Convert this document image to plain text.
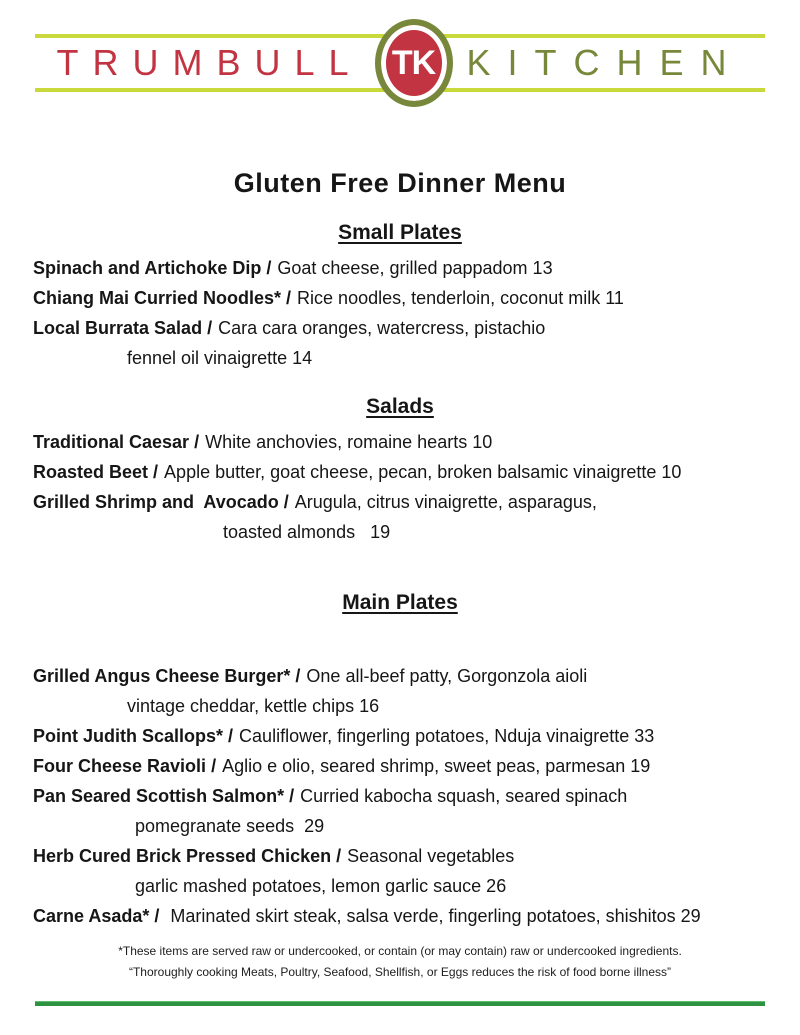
TRUMBULL TK KITCHEN
Gluten Free Dinner Menu
Small Plates
Spinach and Artichoke Dip / Goat cheese, grilled pappadom 13
Chiang Mai Curried Noodles* / Rice noodles, tenderloin, coconut milk 11
Local Burrata Salad / Cara cara oranges, watercress, pistachio
fennel oil vinaigrette 14
Salads
Traditional Caesar / White anchovies, romaine hearts 10
Roasted Beet / Apple butter, goat cheese, pecan, broken balsamic vinaigrette 10
Grilled Shrimp and  Avocado / Arugula, citrus vinaigrette, asparagus,
toasted almonds   19
Main Plates
Grilled Angus Cheese Burger* / One all-beef patty, Gorgonzola aioli
vintage cheddar, kettle chips 16
Point Judith Scallops* / Cauliflower, fingerling potatoes, Nduja vinaigrette 33
Four Cheese Ravioli / Aglio e olio, seared shrimp, sweet peas, parmesan 19
Pan Seared Scottish Salmon* / Curried kabocha squash, seared spinach
pomegranate seeds  29
Herb Cured Brick Pressed Chicken / Seasonal vegetables
garlic mashed potatoes, lemon garlic sauce 26
Carne Asada* / Marinated skirt steak, salsa verde, fingerling potatoes, shishitos 29
*These items are served raw or undercooked, or contain (or may contain) raw or undercooked ingredients.
“Thoroughly cooking Meats, Poultry, Seafood, Shellfish, or Eggs reduces the risk of food borne illness”
